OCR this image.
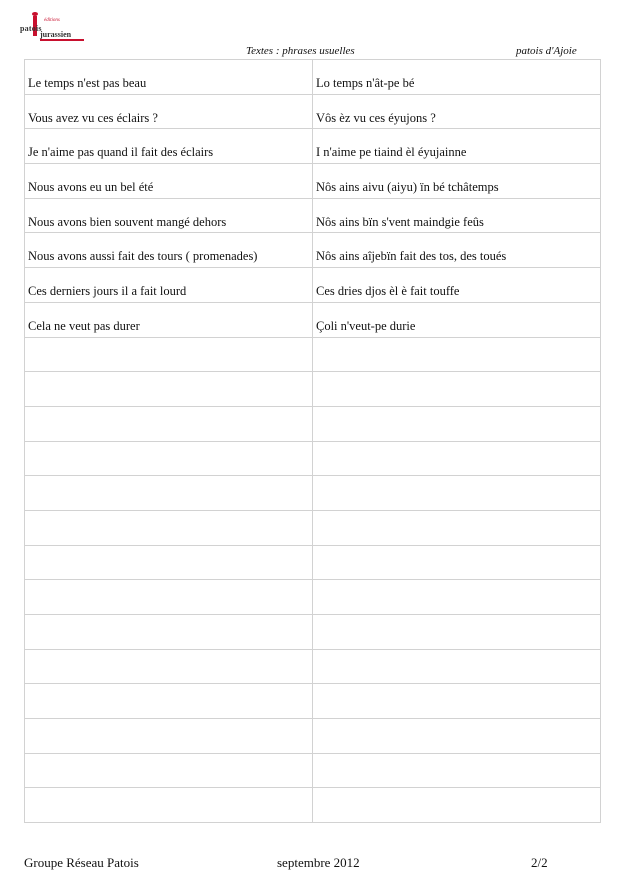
éditions
patois
jurassien
Textes : phrases usuelles	patois d'Ajoie
Le temps n'est pas beau	Lo temps n'ât-pe bé
Vous avez vu ces éclairs ?	Vôs èz vu ces éyujons ?
Je n'aime pas quand il fait des éclairs	I n'aime pe tiaind èl éyujainne
Nous avons eu un bel été	Nôs ains aivu (aiyu) ïn bé tchâtemps
Nous avons bien souvent mangé dehors	Nôs ains bïn s'vent maindgie feûs
Nous avons aussi fait des tours ( promenades)	Nôs ains aîjebïn fait des tos, des toués
Ces derniers jours il a fait lourd	Ces dries djos èl è fait touffe
Cela ne veut pas durer	Çoli n'veut-pe durie
Groupe Réseau Patois	septembre 2012	2/2
